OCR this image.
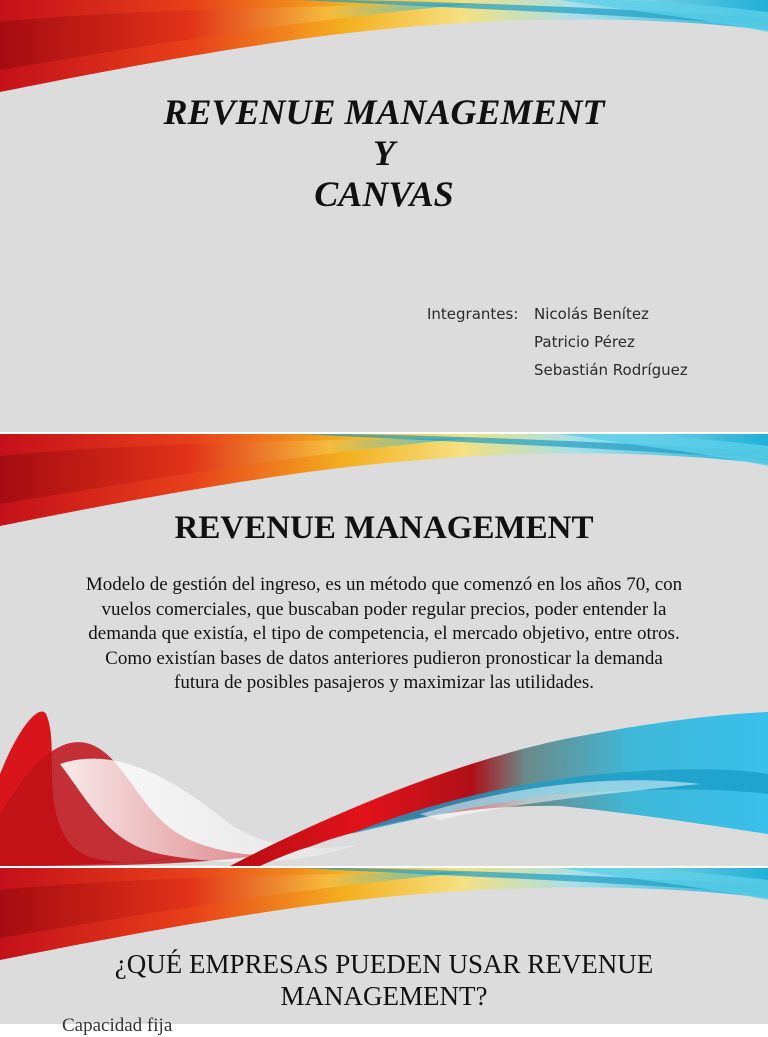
REVENUE MANAGEMENT
Y
CANVAS
Integrantes:	Nicolás Benítez
Patricio Pérez
Sebastián Rodríguez
REVENUE MANAGEMENT
Modelo de gestión del ingreso, es un método que comenzó en los años 70, con vuelos comerciales, que buscaban poder regular precios, poder entender la demanda que existía, el tipo de competencia, el mercado objetivo, entre otros. Como existían bases de datos anteriores pudieron pronosticar la demanda futura de posibles pasajeros y maximizar las utilidades.
¿QUÉ EMPRESAS PUEDEN USAR REVENUE
MANAGEMENT?
Capacidad fija
